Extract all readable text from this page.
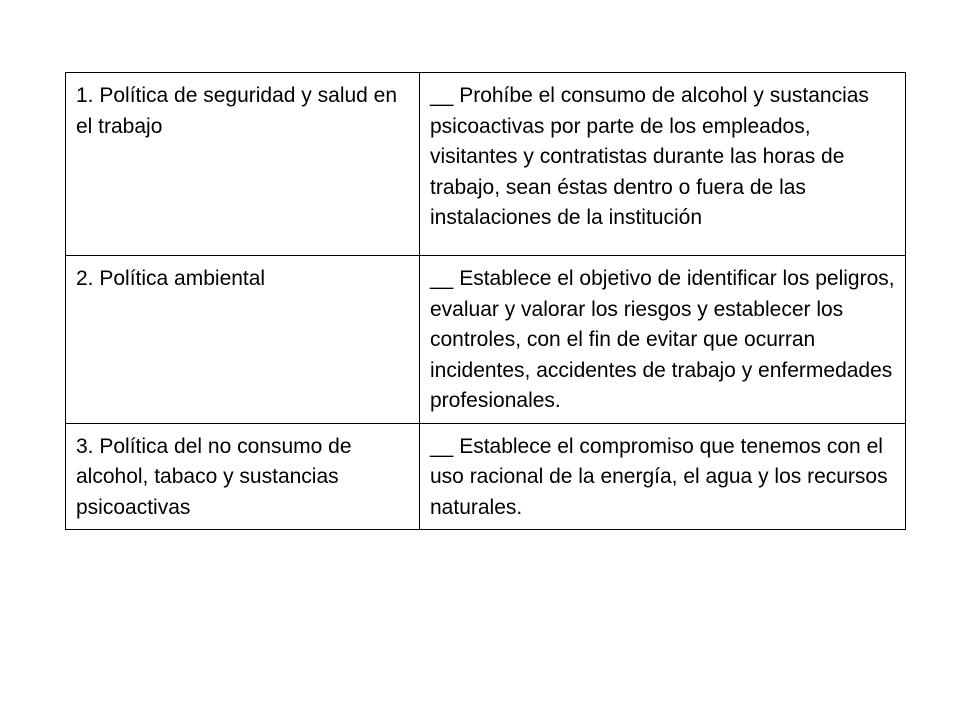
1. Política de seguridad y salud en el trabajo	__ Prohíbe el consumo de alcohol y sustancias psicoactivas por parte de los empleados, visitantes y contratistas durante las horas de trabajo, sean éstas dentro o fuera de las instalaciones de la institución
2. Política ambiental	__ Establece el objetivo de identificar los peligros, evaluar y valorar los riesgos y establecer los controles, con el fin de evitar que ocurran incidentes, accidentes de trabajo y enfermedades profesionales.
3. Política del no consumo de alcohol, tabaco y sustancias psicoactivas	__ Establece el compromiso que tenemos con el uso racional de la energía, el agua y los recursos naturales.
